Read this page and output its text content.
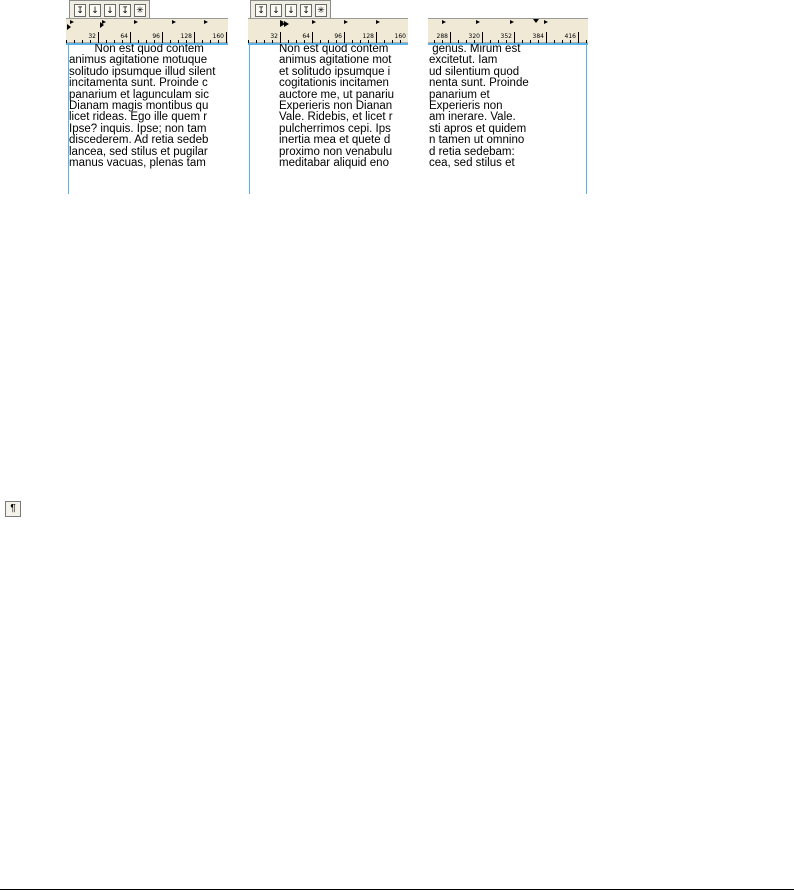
↧ ↓ ↓ ↧ ✳
32	64	96	128	160
Non est quod contem
animus agitatione motuque
solitudo ipsumque illud silent
incitamenta sunt. Proinde c
panarium et lagunculam sic
Dianam magis montibus qu
licet rideas. Ego ille quem r
Ipse? inquis. Ipse; non tam
discederem. Ad retia sedeb
lancea, sed stilus et pugilar
manus vacuas, plenas tam
↧ ↓ ↓ ↧ ✳
32	64	96	128	160
Non est quod contem
animus agitatione mot
et solitudo ipsumque i
cogitationis incitamen
auctore me, ut panariu
Experieris non Dianan
Vale. Ridebis, et licet r
pulcherrimos cepi. Ips
inertia mea et quete d
proximo non venabulu
meditabar aliquid eno
288	320	352	384	416
genus. Mirum est
excitetut. Iam
ud silentium quod
nenta sunt. Proinde
panarium et
Experieris non
am inerare. Vale.
sti apros et quidem
n tamen ut omnino
d retia sedebam:
cea, sed stilus et
¶
